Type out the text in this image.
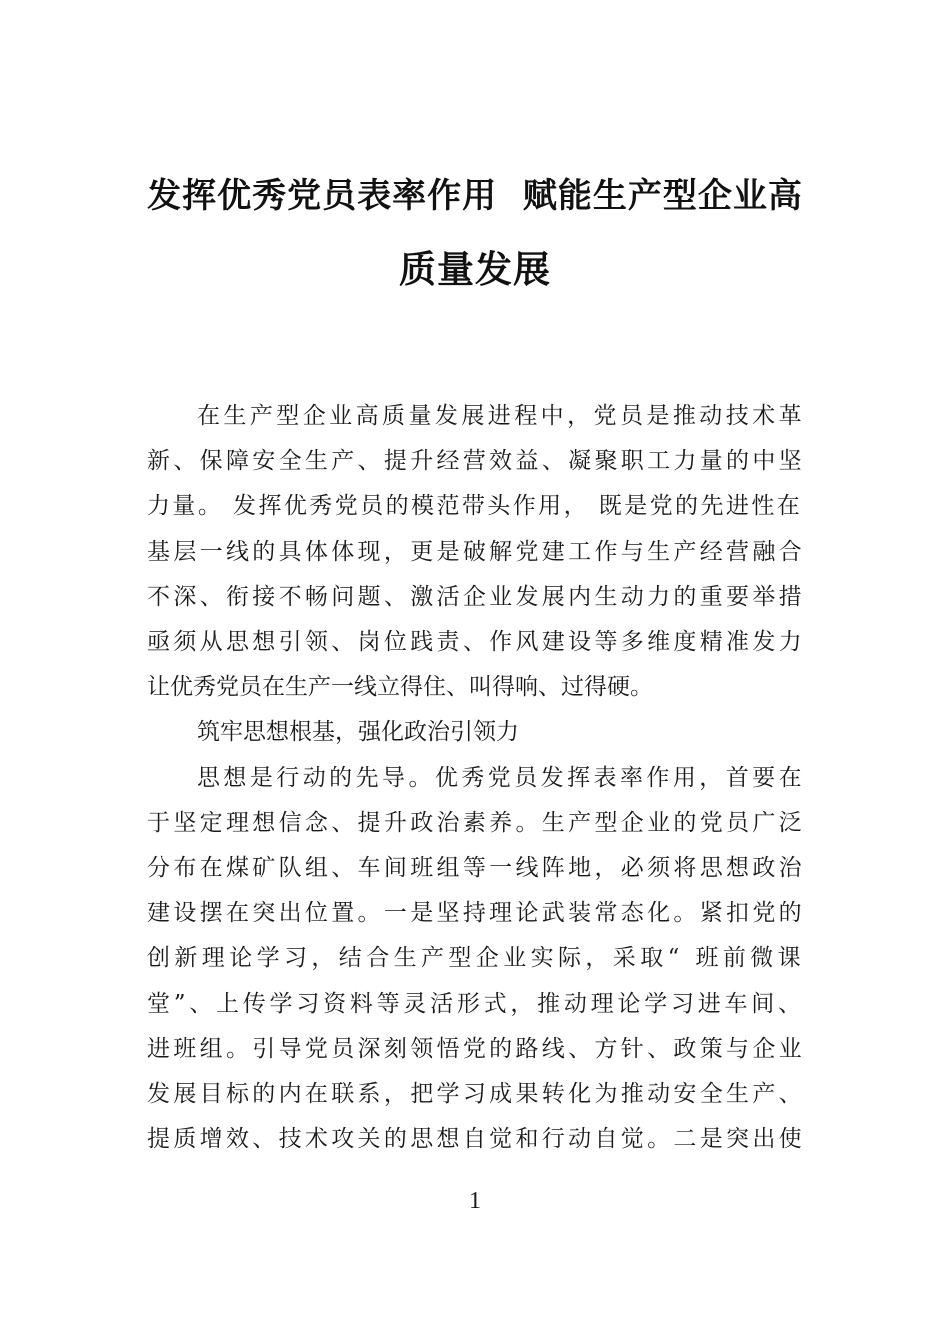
发挥优秀党员表率作用  赋能生产型企业高
质量发展
在生产型企业高质量发展进程中，党员是推动技术革
新、保障安全生产、提升经营效益、凝聚职工力量的中坚
力量。 发挥优秀党员的模范带头作用， 既是党的先进性在
基层一线的具体体现，更是破解党建工作与生产经营融合
不深、衔接不畅问题、激活企业发展内生动力的重要举措
亟须从思想引领、岗位践责、作风建设等多维度精准发力
让优秀党员在生产一线立得住、叫得响、过得硬。
筑牢思想根基，强化政治引领力
思想是行动的先导。优秀党员发挥表率作用，首要在
于坚定理想信念、提升政治素养。生产型企业的党员广泛
分布在煤矿队组、车间班组等一线阵地，必须将思想政治
建设摆在突出位置。一是坚持理论武装常态化。紧扣党的
创新理论学习，结合生产型企业实际，采取“ 班前微课
堂”、上传学习资料等灵活形式，推动理论学习进车间、
进班组。引导党员深刻领悟党的路线、方针、政策与企业
发展目标的内在联系，把学习成果转化为推动安全生产、
提质增效、技术攻关的思想自觉和行动自觉。二是突出使
1
